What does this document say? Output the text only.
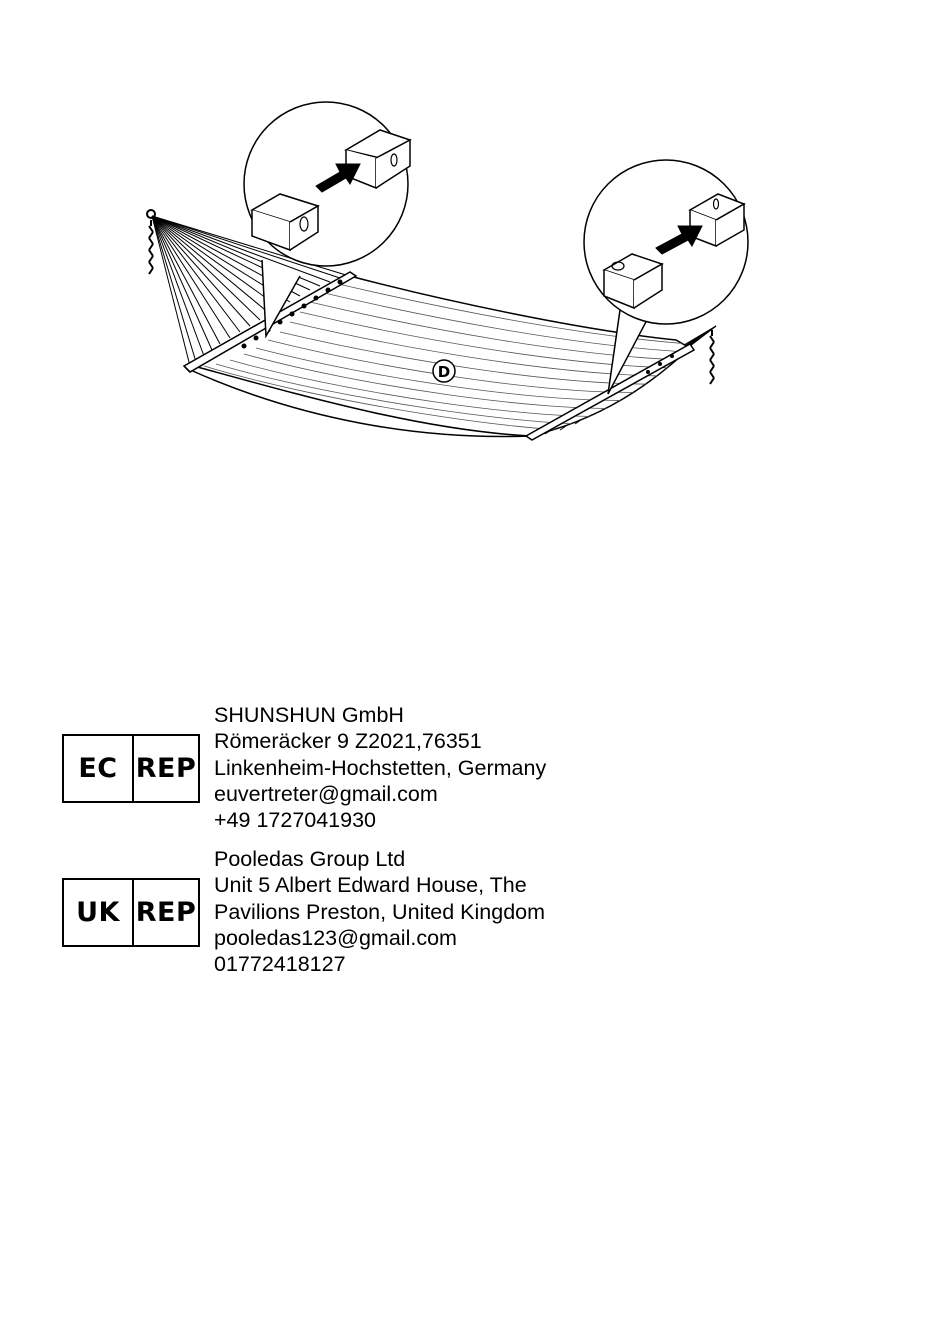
D
EC REP
SHUNSHUN GmbH
Römeräcker 9 Z2021,76351
Linkenheim-Hochstetten, Germany
euvertreter@gmail.com
+49 1727041930
UK REP
Pooledas Group Ltd
Unit 5 Albert Edward House, The
Pavilions Preston, United Kingdom
pooledas123@gmail.com
01772418127
